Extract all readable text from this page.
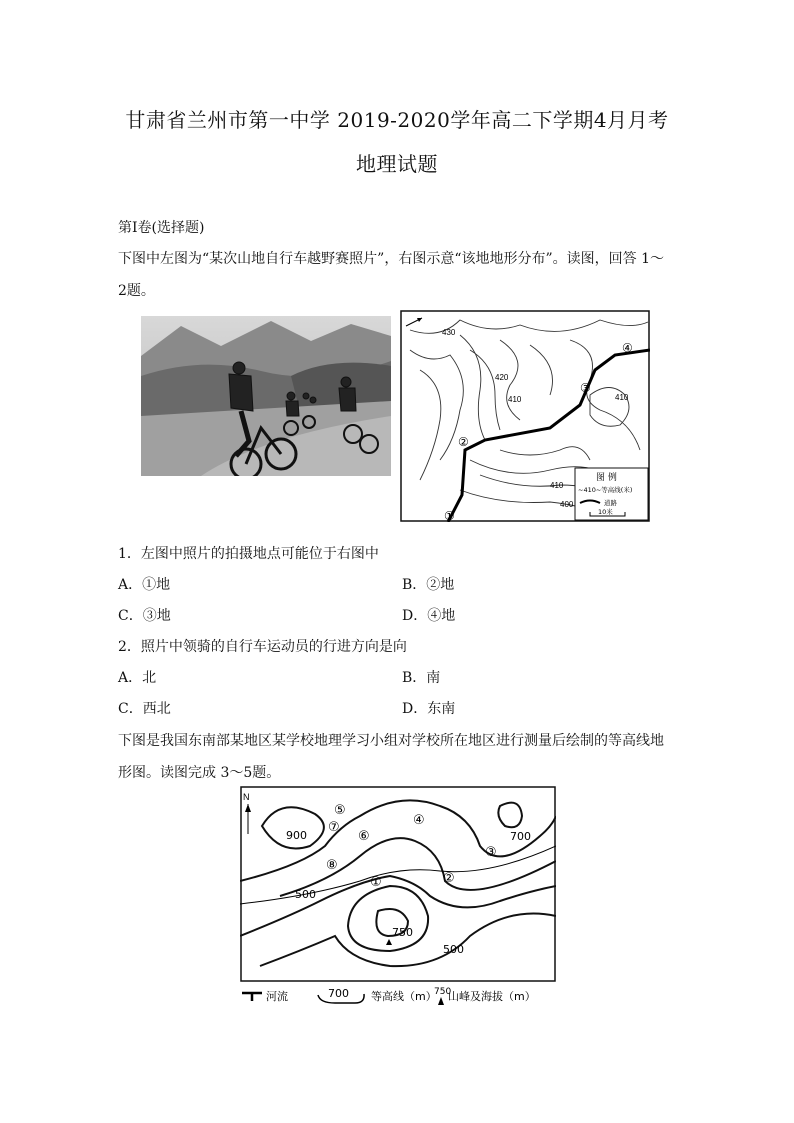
甘肃省兰州市第一中学 2019-2020学年高二下学期4月月考
地理试题
第Ⅰ卷(选择题)
下图中左图为“某次山地自行车越野赛照片”，右图示意“该地地形分布”。读图，回答 1～
2题。
430
420
410	410
410
400
①
②
③
④
图 例
~410~等高线(米)
道路
10米
1．左图中照片的拍摄地点可能位于右图中
A．①地	B．②地
C．③地	D．④地
2．照片中领骑的自行车运动员的行进方向是向
A．北	B．南
C．西北	D．东南
下图是我国东南部某地区某学校地理学习小组对学校所在地区进行测量后绘制的等高线地
形图。读图完成 3～5题。
N
900	700
500
500
750
①	②
③
④
⑤
⑥
⑦
⑧
河流	700 等高线（m）
750
山峰及海拔（m）
